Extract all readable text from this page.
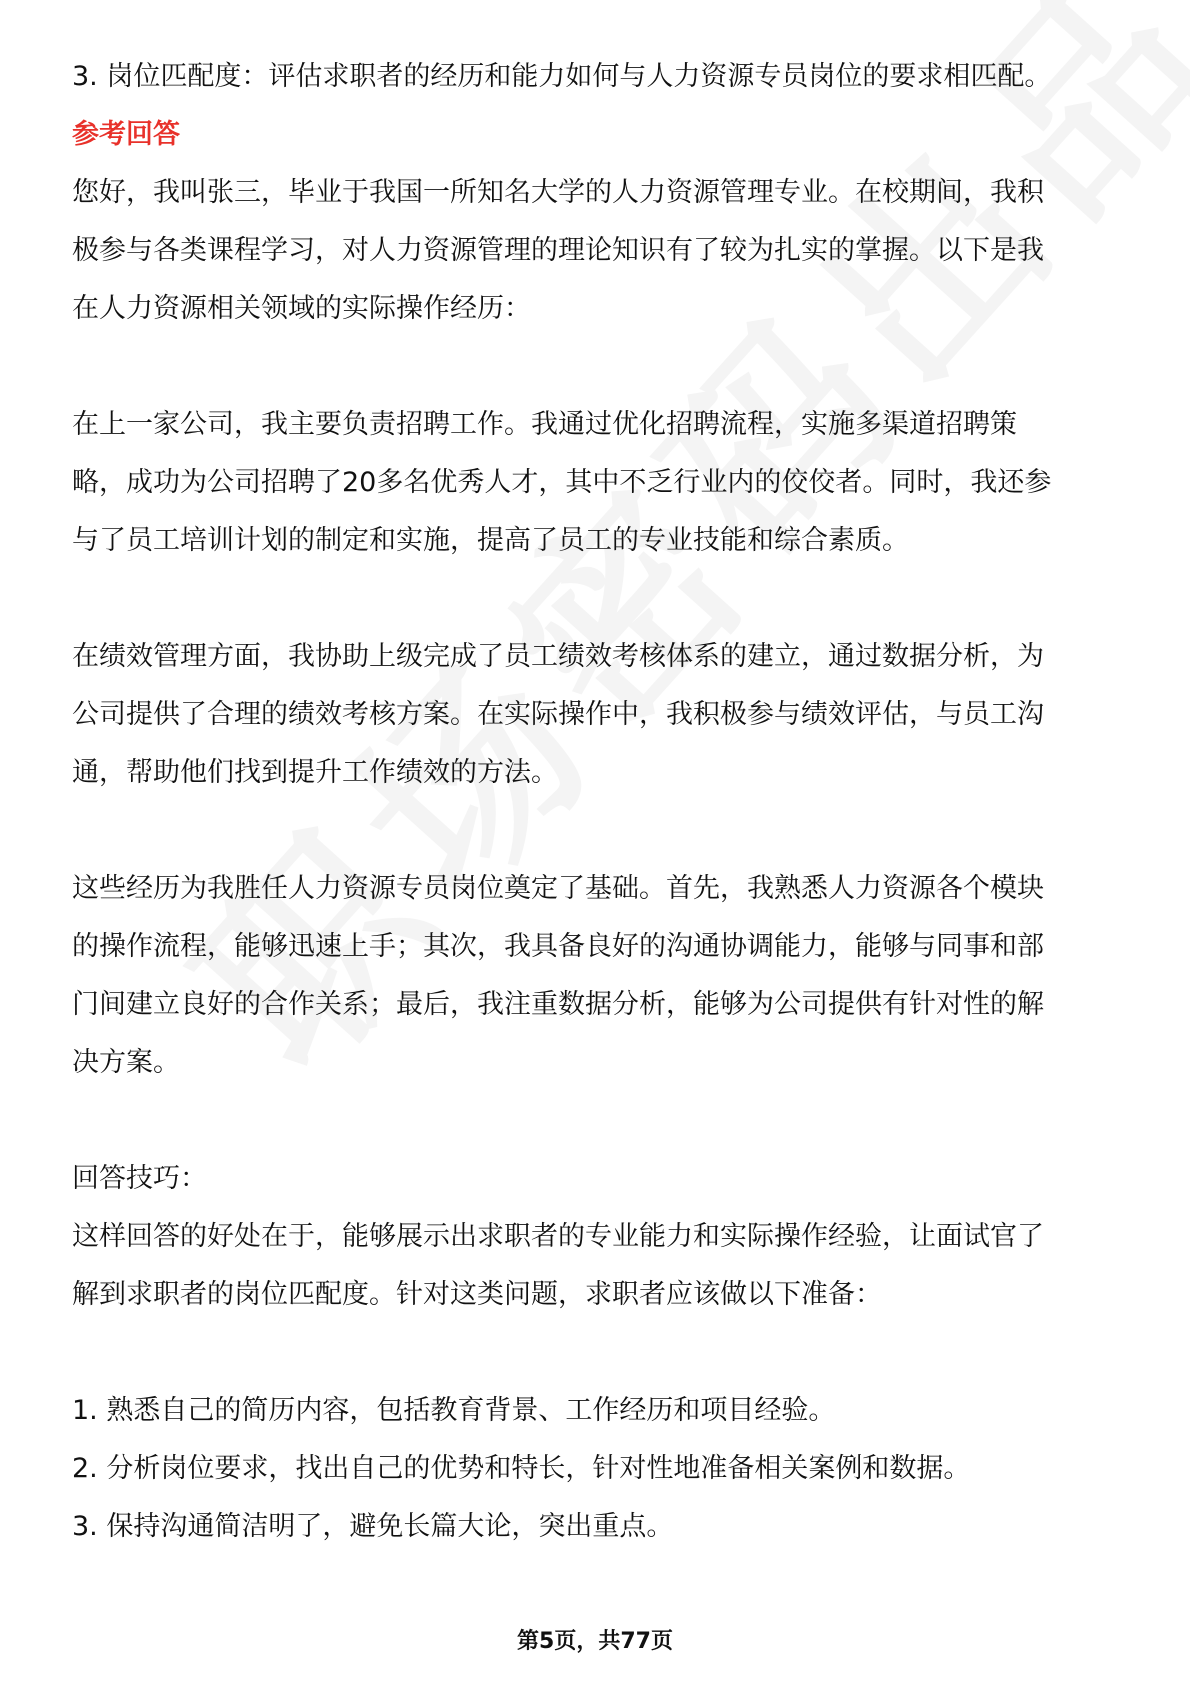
3. 岗位匹配度：评估求职者的经历和能力如何与人力资源专员岗位的要求相匹配。

参考回答

您好，我叫张三，毕业于我国一所知名大学的人力资源管理专业。在校期间，我积

极参与各类课程学习，对人力资源管理的理论知识有了较为扎实的掌握。以下是我

在人力资源相关领域的实际操作经历：

在上一家公司，我主要负责招聘工作。我通过优化招聘流程，实施多渠道招聘策

略，成功为公司招聘了20多名优秀人才，其中不乏行业内的佼佼者。同时，我还参

与了员工培训计划的制定和实施，提高了员工的专业技能和综合素质。

在绩效管理方面，我协助上级完成了员工绩效考核体系的建立，通过数据分析，为

公司提供了合理的绩效考核方案。在实际操作中，我积极参与绩效评估，与员工沟

通，帮助他们找到提升工作绩效的方法。

这些经历为我胜任人力资源专员岗位奠定了基础。首先，我熟悉人力资源各个模块

的操作流程，能够迅速上手；其次，我具备良好的沟通协调能力，能够与同事和部

门间建立良好的合作关系；最后，我注重数据分析，能够为公司提供有针对性的解

决方案。

回答技巧：

这样回答的好处在于，能够展示出求职者的专业能力和实际操作经验，让面试官了

解到求职者的岗位匹配度。针对这类问题，求职者应该做以下准备：

1. 熟悉自己的简历内容，包括教育背景、工作经历和项目经验。

2. 分析岗位要求，找出自己的优势和特长，针对性地准备相关案例和数据。

3. 保持沟通简洁明了，避免长篇大论，突出重点。

第5页，共77页
